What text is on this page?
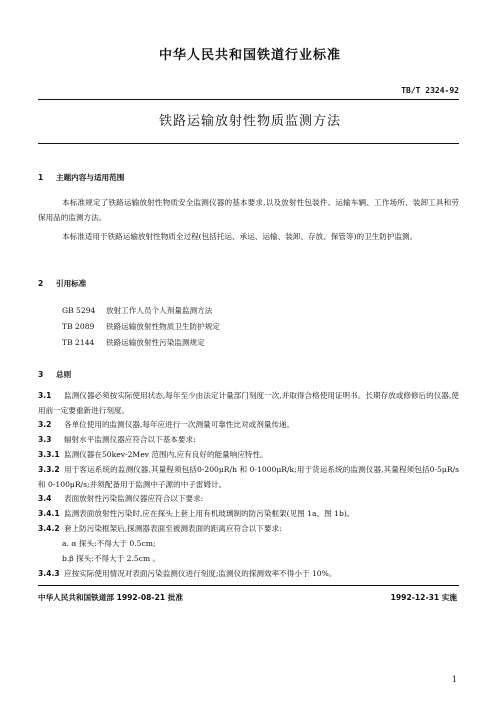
中华人民共和国铁道行业标准
TB/T 2324-92
铁路运输放射性物质监测方法
1 主题内容与适用范围
本标准规定了铁路运输放射性物质安全监测仪器的基本要求,以及放射性包装件、运输车辆、工作场所、装卸工具和劳保用品的监测方法。
本标准适用于铁路运输放射性物质全过程(包括托运、承运、运输、装卸、存放、保管等)的卫生防护监测。
2 引用标准
GB 5294 放射工作人员个人剂量监测方法
TB 2089 铁路运输放射性物质卫生防护规定
TB 2144 铁路运输放射性污染监测规定
3 总则
3.1 监测仪器必须按实际使用状态,每年至少由法定计量部门刻度一次,并取得合格使用证明书。长期存放或修修后的仪器,使用前一定要重新进行刻度。
3.2 各单位使用的监测仪器,每年应进行一次测量可靠性比对或剂量传递。
3.3 辐射水平监测仪器应符合以下基本要求:
3.3.1 监测仪器在50kev-2Mev 范围内,应有良好的能量响应特性。
3.3.2 用于客运系统的监测仪器,其量程须包括0-200μR/h 和 0-1000μR/k;用于货运系统的监测仪器,其量程须包括0-5μR/s 和 0-100μR/s;并须配备用于监测中子源的中子雷姆计。
3.4 表面放射性污染监测仪器应符合以下要求:
3.4.1 监测表面放射性污染时,应在探头上套上用有机玻璃制的防污染框架(见图 1a、图 1b)。
3.4.2 套上防污染框架后,探测器表面至被测表面的距离应符合以下要求:
a. α 探头:不得大于 0.5cm;
b.β 探头:不得大于 2.5cm 。
3.4.3 应按实际使用情况对表面污染监测仪进行刻度;监测仪的探测效率不得小于 10%。
中华人民共和国铁道部 1992-08-21 批准	1992-12-31 实施
1
